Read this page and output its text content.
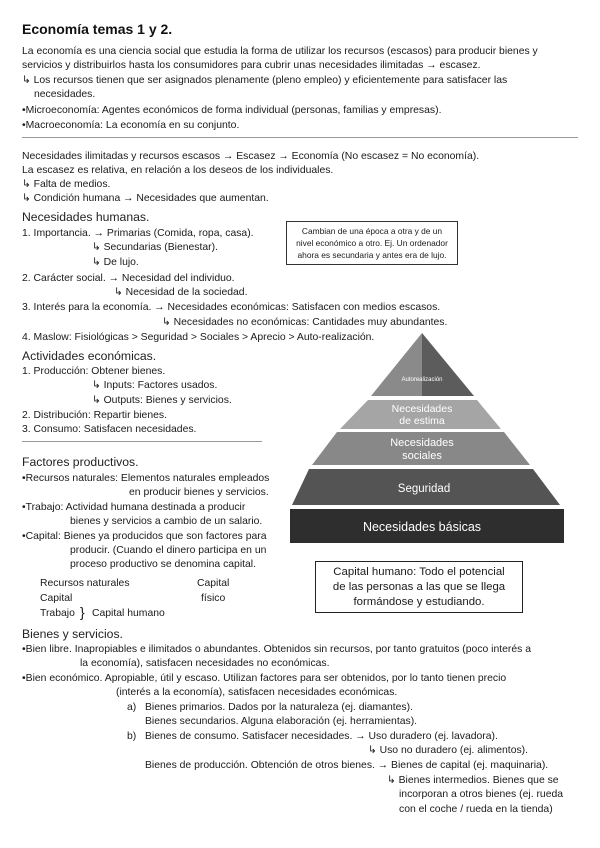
Economía temas 1 y 2.
La economía es una ciencia social que estudia la forma de utilizar los recursos (escasos) para producir bienes y
servicios y distribuirlos hasta los consumidores para cubrir unas necesidades ilimitadas → escasez.
↳ Los recursos tienen que ser asignados plenamente (pleno empleo) y eficientemente para satisfacer las
necesidades.
•Microeconomía: Agentes económicos de forma individual (personas, familias y empresas).
•Macroeconomía: La economía en su conjunto.
Necesidades ilimitadas y recursos escasos → Escasez → Economía (No escasez = No economía).
La escasez es relativa, en relación a los deseos de los individuales.
↳ Falta de medios.
↳ Condición humana → Necesidades que aumentan.
Necesidades humanas.
1. Importancia. → Primarias (Comida, ropa, casa).
↳ Secundarias (Bienestar).
↳ De lujo.
2. Carácter social. → Necesidad del individuo.
↳ Necesidad de la sociedad.
3. Interés para la economía. → Necesidades económicas: Satisfacen con medios escasos.
↳ Necesidades no económicas: Cantidades muy abundantes.
4. Maslow: Fisiológicas > Seguridad > Sociales > Aprecio > Auto-realización.
Cambian de una época a otra y de un
nivel económico a otro. Ej. Un ordenador
ahora es secundaria y antes era de lujo.
Autorealización
Necesidades
de estima
Necesidades
sociales
Seguridad
Necesidades básicas
Actividades económicas.
1. Producción: Obtener bienes.
↳ Inputs: Factores usados.
↳ Outputs: Bienes y servicios.
2. Distribución: Repartir bienes.
3. Consumo: Satisfacen necesidades.
Factores productivos.
•Recursos naturales: Elementos naturales empleados
en producir bienes y servicios.
•Trabajo: Actividad humana destinada a producir
bienes y servicios a cambio de un salario.
•Capital: Bienes ya producidos que son factores para
producir. (Cuando el dinero participa en un
proceso productivo se denomina capital.
Recursos naturales	Capital
Capital	físico
Trabajo } Capital humano
Capital humano: Todo el potencial
de las personas a las que se llega
formándose y estudiando.
Bienes y servicios.
•Bien libre. Inapropiables e ilimitados o abundantes. Obtenidos sin recursos, por tanto gratuitos (poco interés a
la economía), satisfacen necesidades no económicas.
•Bien económico. Apropiable, útil y escaso. Utilizan factores para ser obtenidos, por lo tanto tienen precio
(interés a la economía), satisfacen necesidades económicas.
a) Bienes primarios. Dados por la naturaleza (ej. diamantes).
Bienes secundarios. Alguna elaboración (ej. herramientas).
b) Bienes de consumo. Satisfacer necesidades. → Uso duradero (ej. lavadora).
↳ Uso no duradero (ej. alimentos).
Bienes de producción. Obtención de otros bienes. → Bienes de capital (ej. maquinaria).
↳ Bienes intermedios. Bienes que se
incorporan a otros bienes (ej. rueda
con el coche / rueda en la tienda)
